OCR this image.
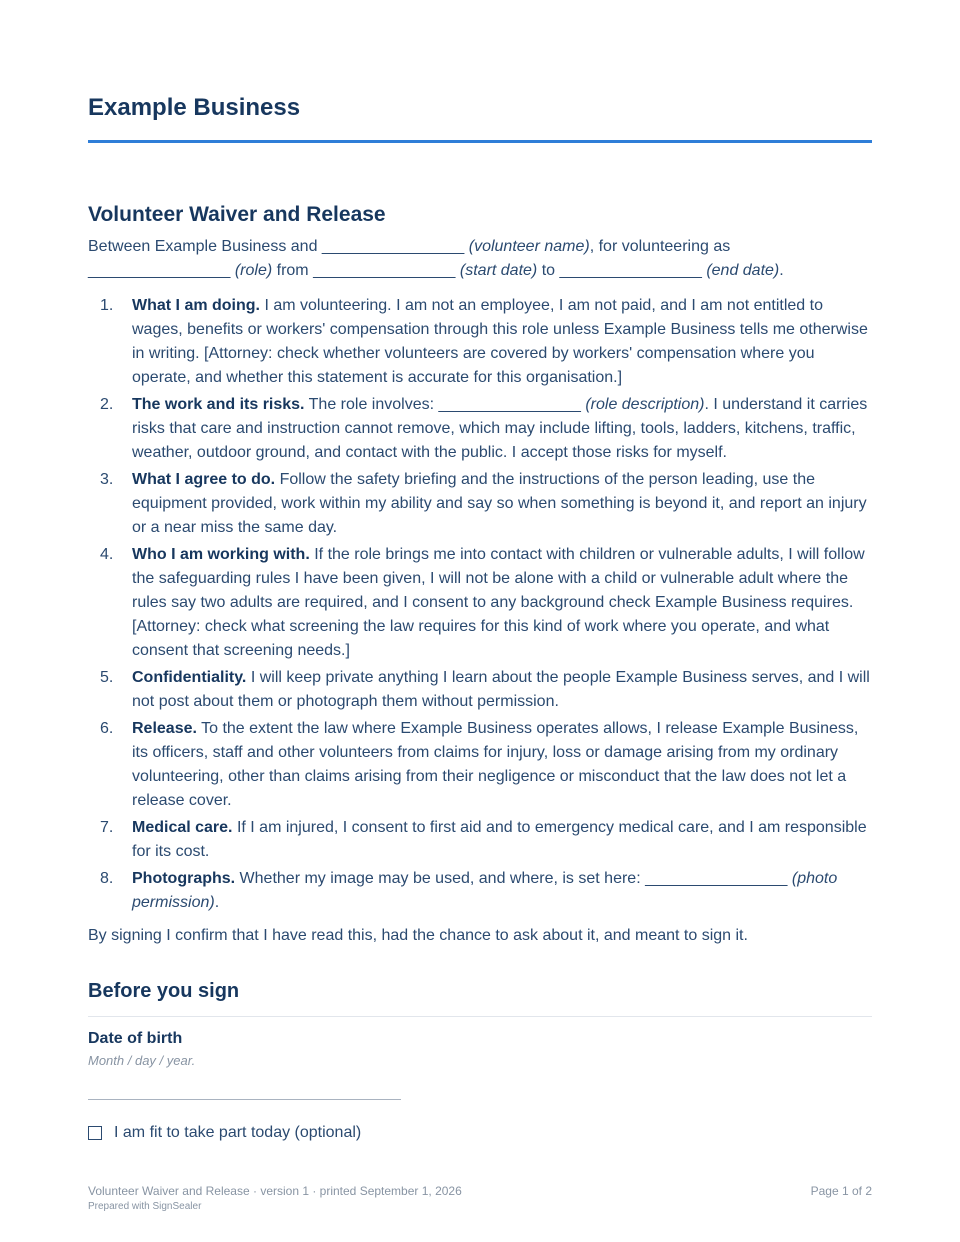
Example Business
Volunteer Waiver and Release

Between Example Business and ________________ (volunteer name), for volunteering as
________________ (role) from ________________ (start date) to ________________ (end date).

1. What I am doing. I am volunteering. I am not an employee, I am not paid, and I am not entitled to wages, benefits or workers' compensation through this role unless Example Business tells me otherwise in writing. [Attorney: check whether volunteers are covered by workers' compensation where you operate, and whether this statement is accurate for this organisation.]
2. The work and its risks. The role involves: ________________ (role description). I understand it carries risks that care and instruction cannot remove, which may include lifting, tools, ladders, kitchens, traffic, weather, outdoor ground, and contact with the public. I accept those risks for myself.
3. What I agree to do. Follow the safety briefing and the instructions of the person leading, use the equipment provided, work within my ability and say so when something is beyond it, and report an injury or a near miss the same day.
4. Who I am working with. If the role brings me into contact with children or vulnerable adults, I will follow the safeguarding rules I have been given, I will not be alone with a child or vulnerable adult where the rules say two adults are required, and I consent to any background check Example Business requires. [Attorney: check what screening the law requires for this kind of work where you operate, and what consent that screening needs.]
5. Confidentiality. I will keep private anything I learn about the people Example Business serves, and I will not post about them or photograph them without permission.
6. Release. To the extent the law where Example Business operates allows, I release Example Business, its officers, staff and other volunteers from claims for injury, loss or damage arising from my ordinary volunteering, other than claims arising from their negligence or misconduct that the law does not let a release cover.
7. Medical care. If I am injured, I consent to first aid and to emergency medical care, and I am responsible for its cost.
8. Photographs. Whether my image may be used, and where, is set here: ________________ (photo permission).

By signing I confirm that I have read this, had the chance to ask about it, and meant to sign it.

Before you sign
Date of birth
Month / day / year.
I am fit to take part today (optional)
Volunteer Waiver and Release · version 1 · printed September 1, 2026
Prepared with SignSealer
Page 1 of 2
